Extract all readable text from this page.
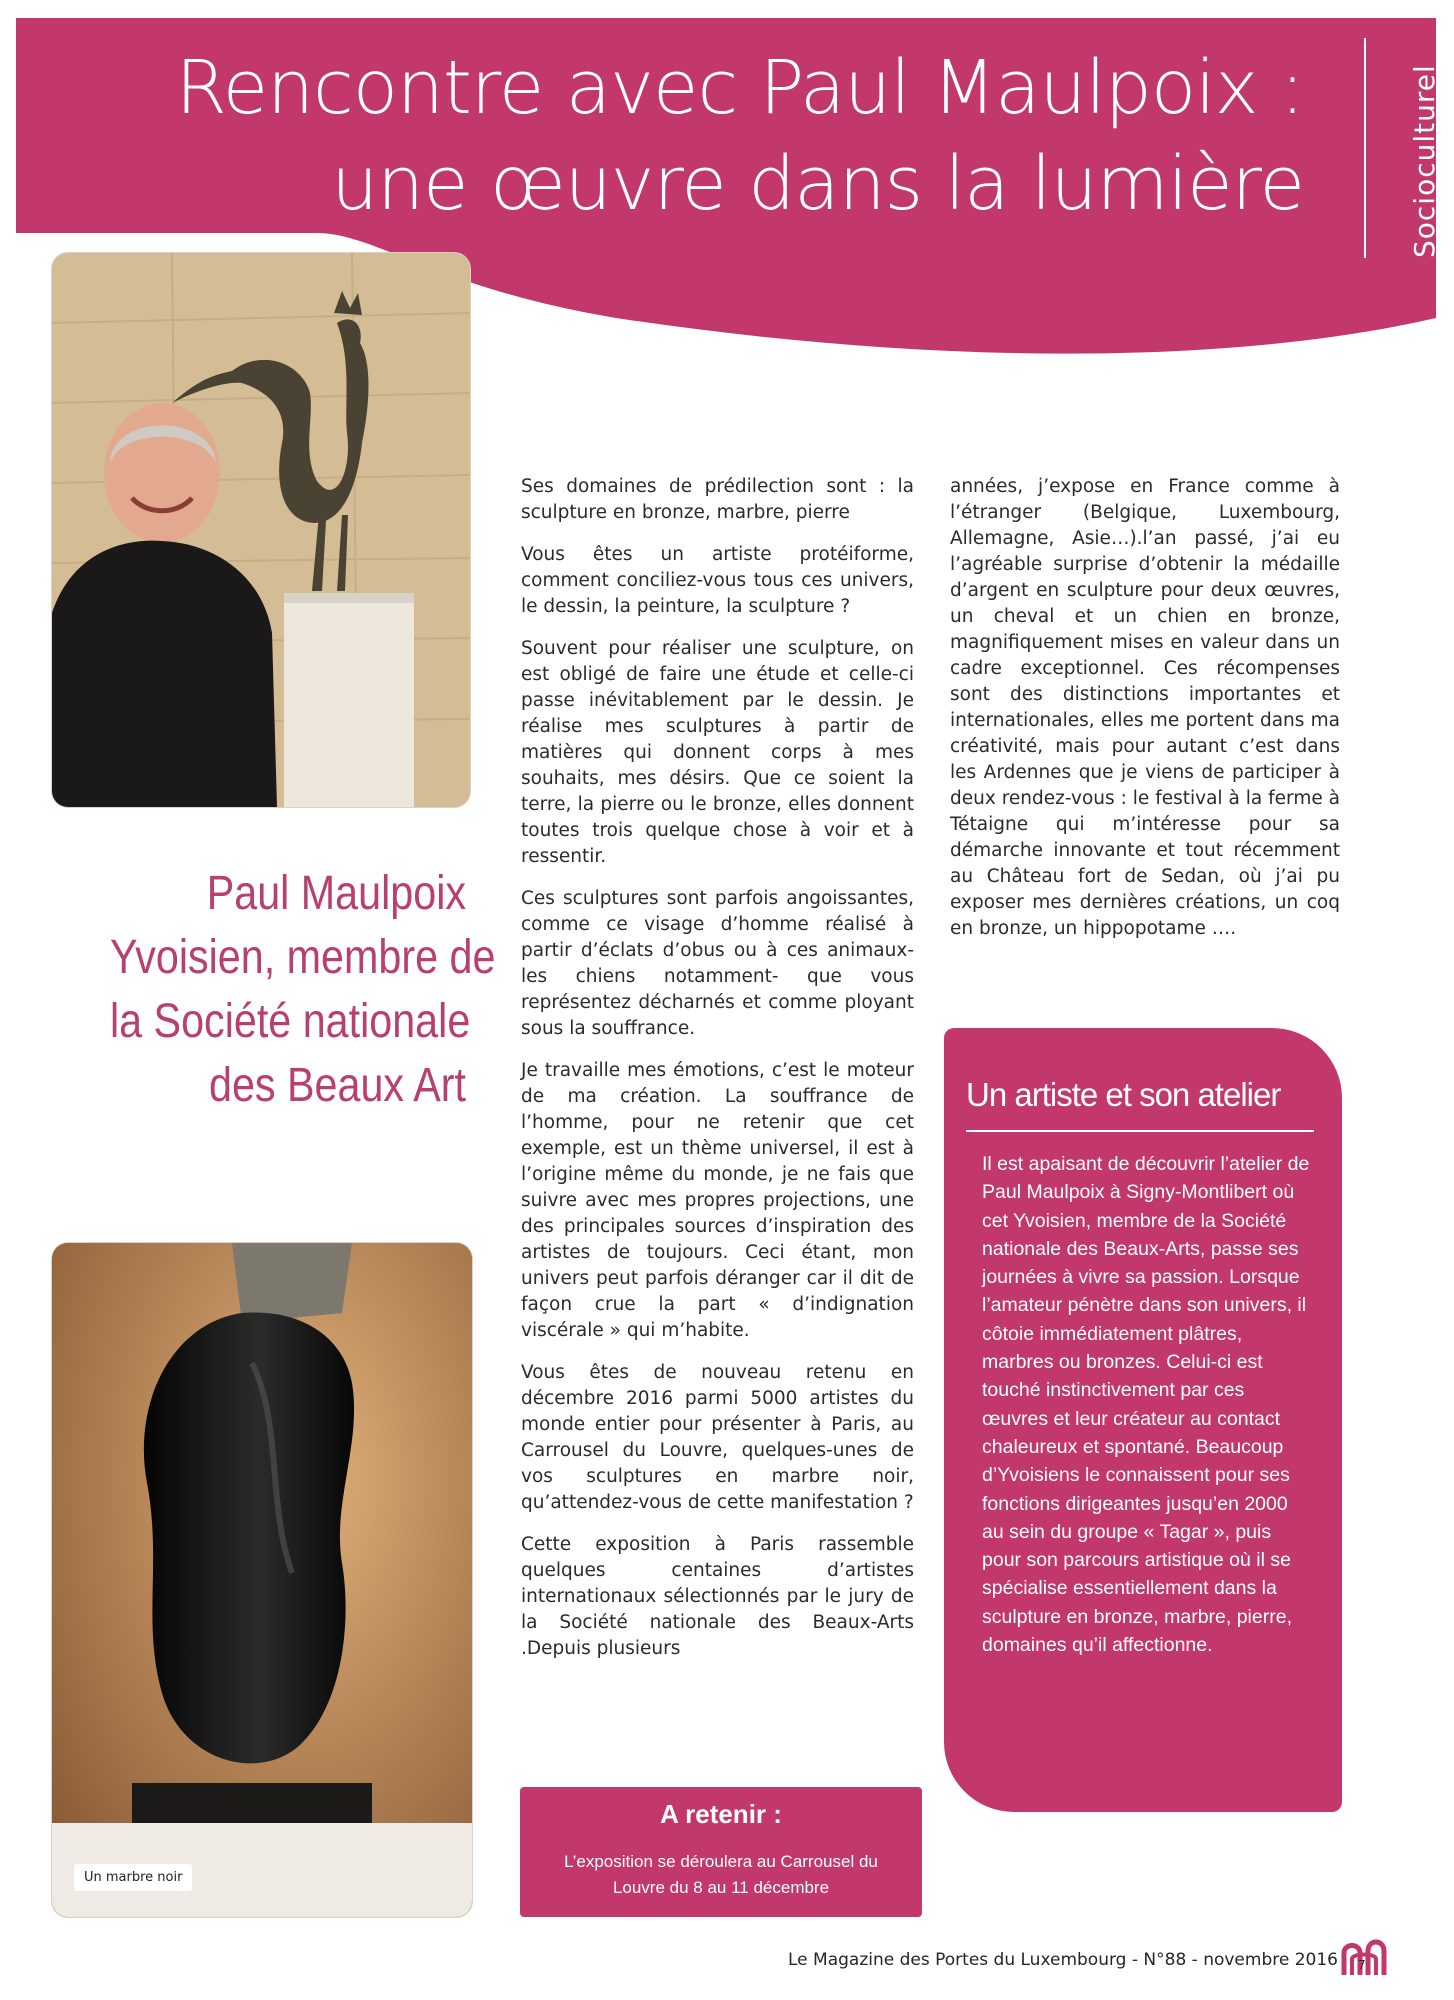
Rencontre avec Paul Maulpoix :
une œuvre dans la lumière	Socioculturel
Paul Maulpoix
Yvoisien, membre de
la Société nationale
des Beaux Art
Un marbre noir

Ses domaines de prédilection sont : la sculpture en bronze, marbre, pierre

Vous êtes un artiste protéiforme, comment conciliez-vous tous ces univers, le dessin, la peinture, la sculpture ?

Souvent pour réaliser une sculpture, on est obligé de faire une étude et celle-ci passe inévitablement par le dessin. Je réalise mes sculptures à partir de matières qui donnent corps à mes souhaits, mes désirs. Que ce soient la terre, la pierre ou le bronze, elles donnent toutes trois quelque chose à voir et à ressentir.

Ces sculptures sont parfois angoissantes, comme ce visage d’homme réalisé à partir d’éclats d’obus ou à ces animaux-les chiens notamment- que vous représentez décharnés et comme ployant sous la souffrance.

Je travaille mes émotions, c’est le moteur de ma création. La souffrance de l’homme, pour ne retenir que cet exemple, est un thème universel, il est à l’origine même du monde, je ne fais que suivre avec mes propres projections, une des principales sources d’inspiration des artistes de toujours. Ceci étant, mon univers peut parfois déranger car il dit de façon crue la part « d’indignation viscérale » qui m’habite.

Vous êtes de nouveau retenu en décembre 2016 parmi 5000 artistes du monde entier pour présenter à Paris, au Carrousel du Louvre, quelques-unes de vos sculptures en marbre noir, qu’attendez-vous de cette manifestation ?

Cette exposition à Paris rassemble quelques centaines d’artistes internationaux sélectionnés par le jury de la Société nationale des Beaux-Arts .Depuis plusieurs

années, j’expose en France comme à l’étranger (Belgique, Luxembourg, Allemagne, Asie…).l’an passé, j’ai eu l’agréable surprise d’obtenir la médaille d’argent en sculpture pour deux œuvres, un cheval et un chien en bronze, magnifiquement mises en valeur dans un cadre exceptionnel. Ces récompenses sont des distinctions importantes et internationales, elles me portent dans ma créativité, mais pour autant c’est dans les Ardennes que je viens de participer à deux rendez-vous : le festival à la ferme à Tétaigne qui m’intéresse pour sa démarche innovante et tout récemment au Château fort de Sedan, où j’ai pu exposer mes dernières créations, un coq en bronze, un hippopotame ….

Un artiste et son atelier
Il est apaisant de découvrir l’atelier de Paul Maulpoix à Signy-Montlibert où cet Yvoisien, membre de la Société nationale des Beaux-Arts, passe ses journées à vivre sa passion. Lorsque l’amateur pénètre dans son univers, il côtoie immédiatement plâtres, marbres ou bronzes. Celui-ci est touché instinctivement par ces œuvres et leur créateur au contact chaleureux et spontané. Beaucoup d’Yvoisiens le connaissent pour ses fonctions dirigeantes jusqu’en 2000 au sein du groupe « Tagar », puis pour son parcours artistique où il se spécialise essentiellement dans la sculpture en bronze, marbre, pierre, domaines qu’il affectionne.
A retenir :
L’exposition se déroulera au Carrousel du Louvre du 8 au 11 décembre
Le Magazine des Portes du Luxembourg - N°88 - novembre 2016 7
